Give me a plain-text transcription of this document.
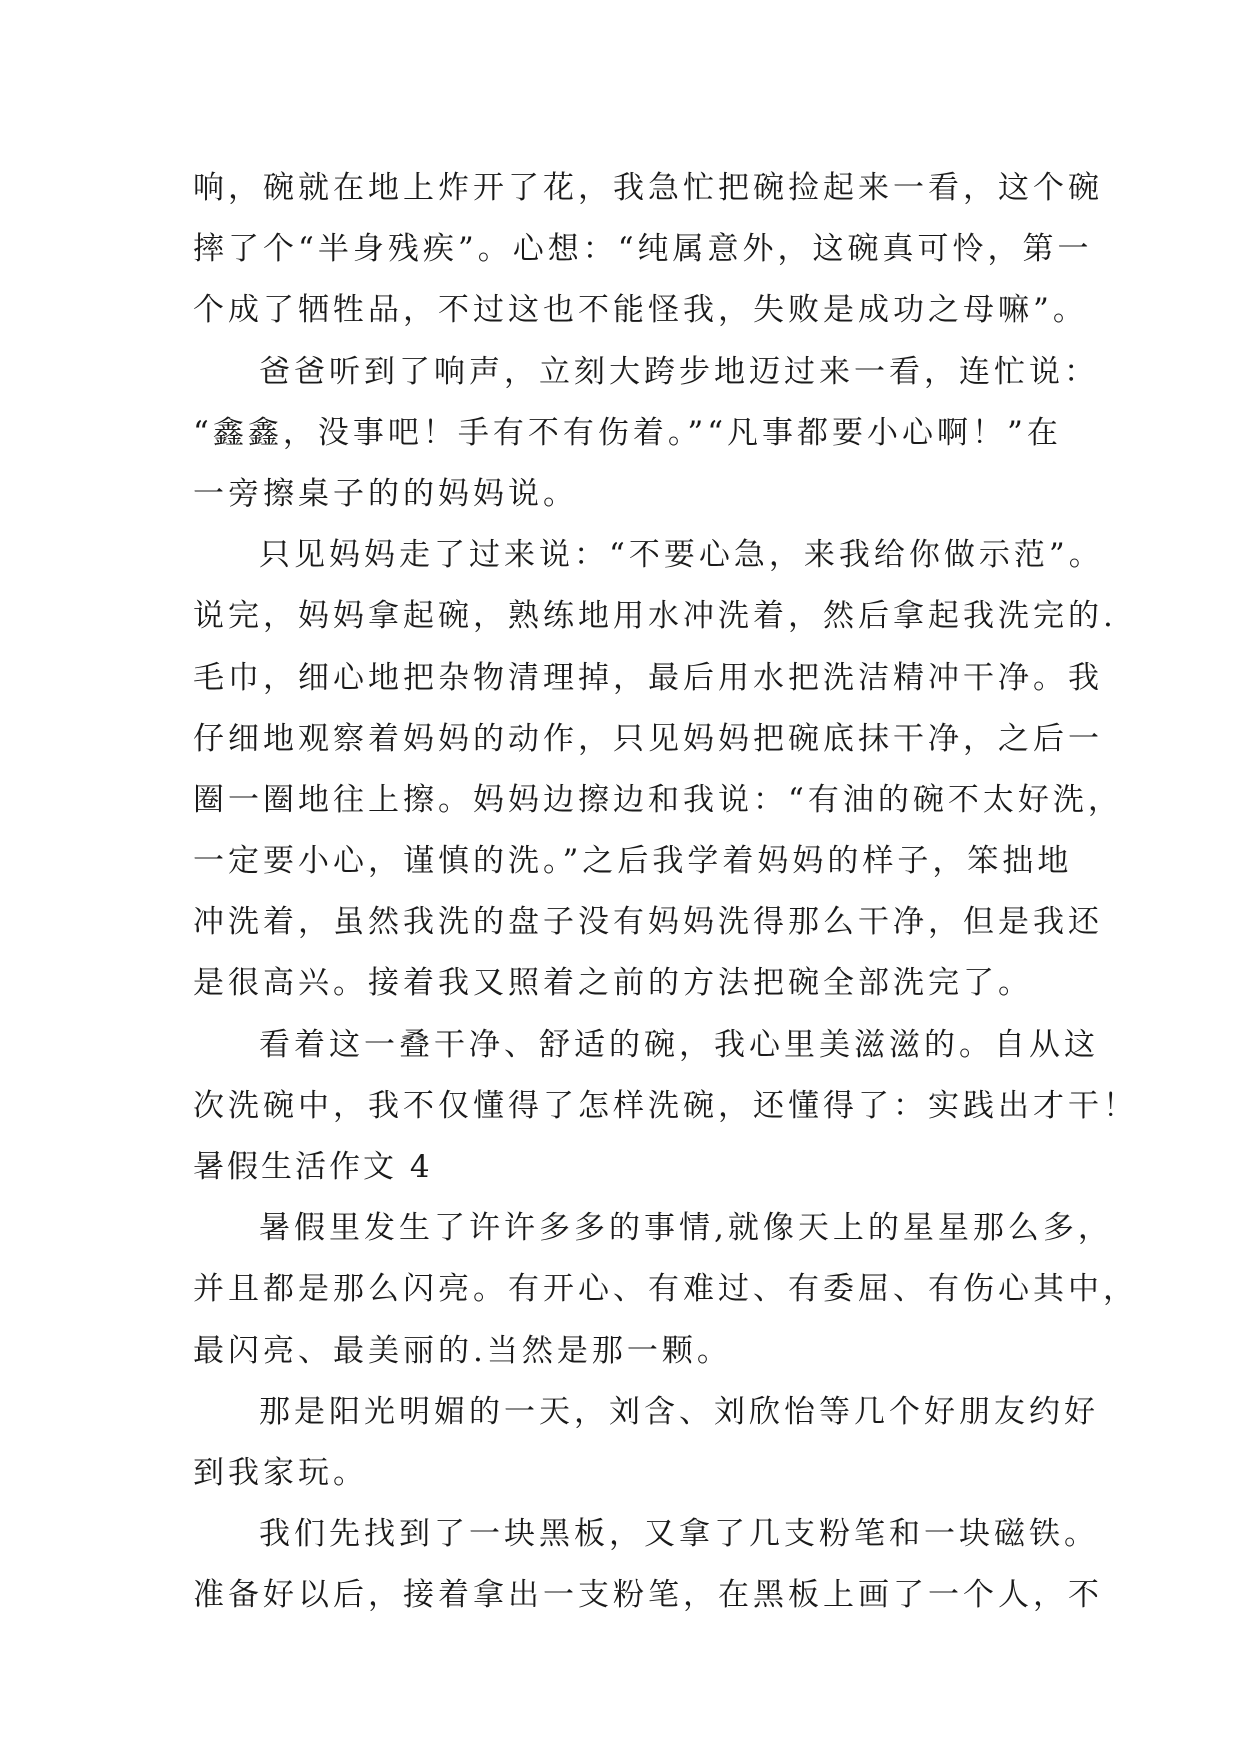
响，碗就在地上炸开了花，我急忙把碗捡起来一看，这个碗
摔了个“半身残疾”。心想：“纯属意外，这碗真可怜，第一
个成了牺牲品，不过这也不能怪我，失败是成功之母嘛”。
爸爸听到了响声，立刻大跨步地迈过来一看，连忙说：
“鑫鑫，没事吧！手有不有伤着。”“凡事都要小心啊！”在
一旁擦桌子的的妈妈说。
只见妈妈走了过来说：“不要心急，来我给你做示范”。
说完，妈妈拿起碗，熟练地用水冲洗着，然后拿起我洗完的.
毛巾，细心地把杂物清理掉，最后用水把洗洁精冲干净。我
仔细地观察着妈妈的动作，只见妈妈把碗底抹干净，之后一
圈一圈地往上擦。妈妈边擦边和我说：“有油的碗不太好洗，
一定要小心，谨慎的洗。”之后我学着妈妈的样子，笨拙地
冲洗着，虽然我洗的盘子没有妈妈洗得那么干净，但是我还
是很高兴。接着我又照着之前的方法把碗全部洗完了。
看着这一叠干净、舒适的碗，我心里美滋滋的。自从这
次洗碗中，我不仅懂得了怎样洗碗，还懂得了：实践出才干！
暑假生活作文 4
暑假里发生了许许多多的事情,就像天上的星星那么多，
并且都是那么闪亮。有开心、有难过、有委屈、有伤心其中，
最闪亮、最美丽的.当然是那一颗。
那是阳光明媚的一天，刘含、刘欣怡等几个好朋友约好
到我家玩。
我们先找到了一块黑板，又拿了几支粉笔和一块磁铁。
准备好以后，接着拿出一支粉笔，在黑板上画了一个人，不
